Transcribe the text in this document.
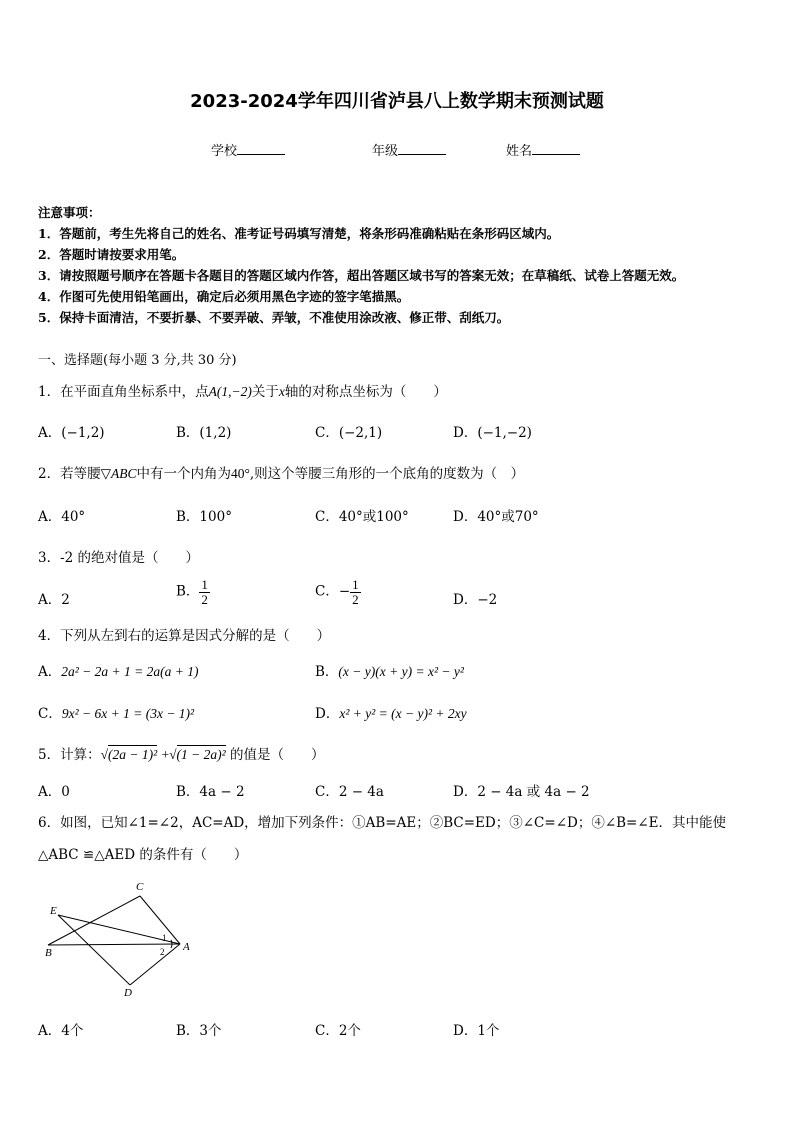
2023-2024学年四川省泸县八上数学期末预测试题
学校	年级	姓名
注意事项：
1．答题前，考生先将自己的姓名、准考证号码填写清楚，将条形码准确粘贴在条形码区域内。
2．答题时请按要求用笔。
3．请按照题号顺序在答题卡各题目的答题区域内作答，超出答题区域书写的答案无效；在草稿纸、试卷上答题无效。
4．作图可先使用铅笔画出，确定后必须用黑色字迹的签字笔描黑。
5．保持卡面清洁，不要折暴、不要弄破、弄皱，不准使用涂改液、修正带、刮纸刀。
一、选择题(每小题 3 分,共 30 分)
1．在平面直角坐标系中，点A(1,−2)关于x轴的对称点坐标为（　　）
A．(−1,2)	B．(1,2)	C．(−2,1)	D．(−1,−2)
2．若等腰▽ABC中有一个内角为40°,则这个等腰三角形的一个底角的度数为（　）
A．40°	B．100°	C．40°或100°	D．40°或70°
3．-2 的绝对值是（　　）
A．2
B． $\frac{1}{2}$	C．− $\frac{1}{2}$	D．−2
4．下列从左到右的运算是因式分解的是（　　）
A．2a² − 2a + 1 = 2a(a + 1)	B．(x − y)(x + y) = x² − y²
C．9x² − 6x + 1 = (3x − 1)²	D．x² + y² = (x − y)² + 2xy
5．计算：√(2a − 1)² +√(1 − 2a)² 的值是（　　）
A．0	B．4a − 2	C．2 − 4a	D．2 − 4a 或 4a − 2
6．如图，已知∠1=∠2，AC=AD，增加下列条件：①AB=AE；②BC=ED；③∠C=∠D；④∠B=∠E．其中能使
△ABC ≌△AED 的条件有（　　）
C
E
B	A
D
1
2
A．4个	B．3个	C．2个	D．1个
